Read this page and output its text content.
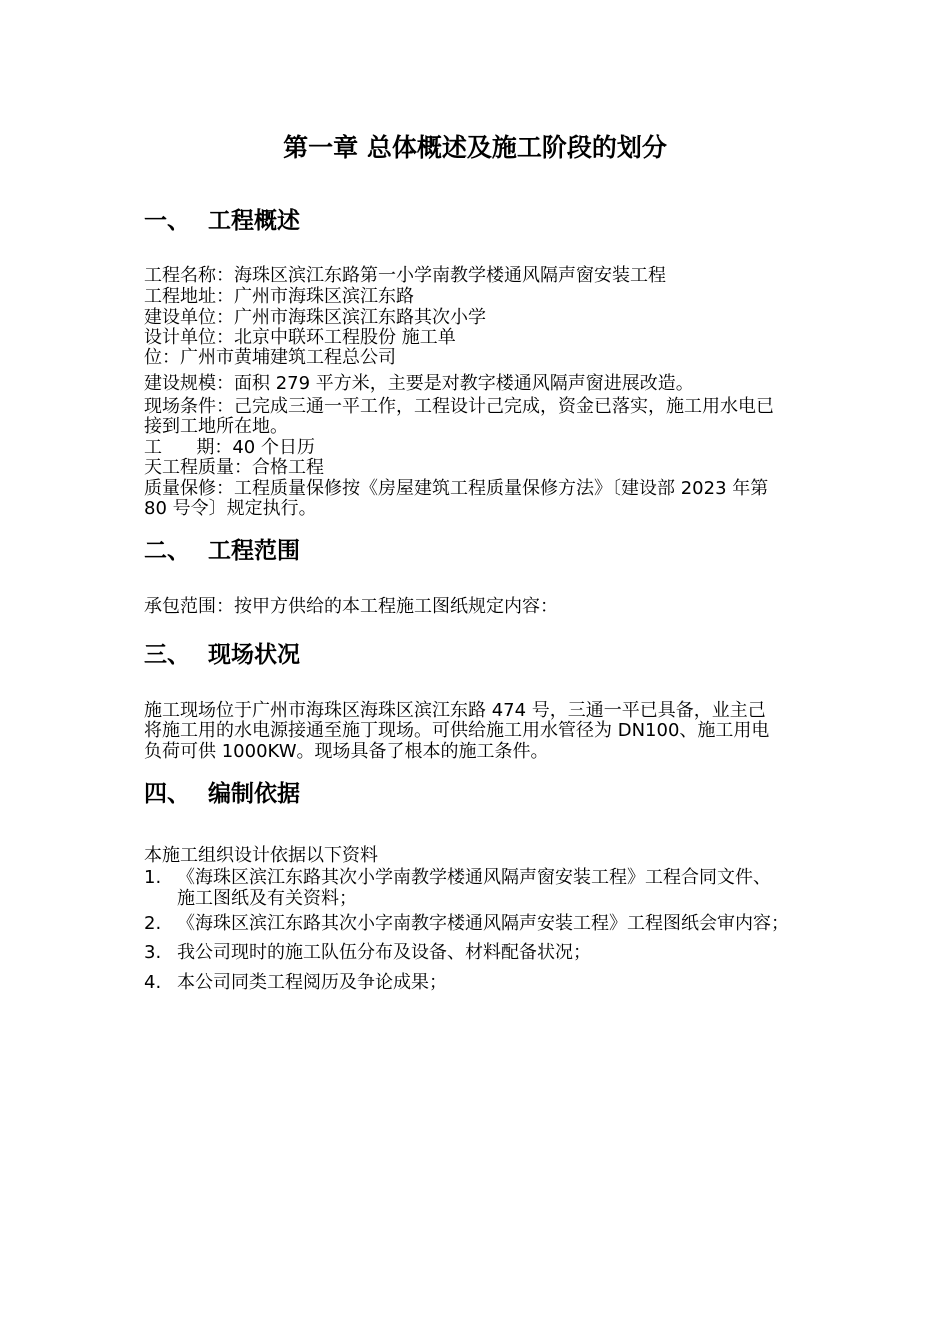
第一章 总体概述及施工阶段的划分
一、 工程概述
工程名称：海珠区滨江东路第一小学南教学楼通风隔声窗安装工程
工程地址：广州市海珠区滨江东路
建设单位：广州市海珠区滨江东路其次小学
设计单位：北京中联环工程股份 施工单
位：广州市黄埔建筑工程总公司
建设规模：面积 279 平方米，主要是对教字楼通风隔声窗进展改造。
现场条件：己完成三通一平工作，工程设计己完成，资金已落实，施工用水电已
接到工地所在地。
工      期：40 个日历
天工程质量：合格工程
质量保修：工程质量保修按《房屋建筑工程质量保修方法》〔建设部 2023 年第
80 号令〕规定执行。
二、 工程范围
承包范围：按甲方供给的本工程施工图纸规定内容：
三、 现场状况
施工现场位于广州市海珠区海珠区滨江东路 474 号，三通一平已具备，业主己
将施工用的水电源接通至施丁现场。可供给施工用水管径为 DN100、施工用电
负荷可供 1000KW。现场具备了根本的施工条件。
四、 编制依据
本施工组织设计依据以下资料
1. 《海珠区滨江东路其次小学南教学楼通风隔声窗安装工程》工程合同文件、
施工图纸及有关资料；
2. 《海珠区滨江东路其次小字南教字楼通风隔声安装工程》工程图纸会审内容；
3. 我公司现时的施工队伍分布及设备、材料配备状况；
4. 本公司同类工程阅历及争论成果；
